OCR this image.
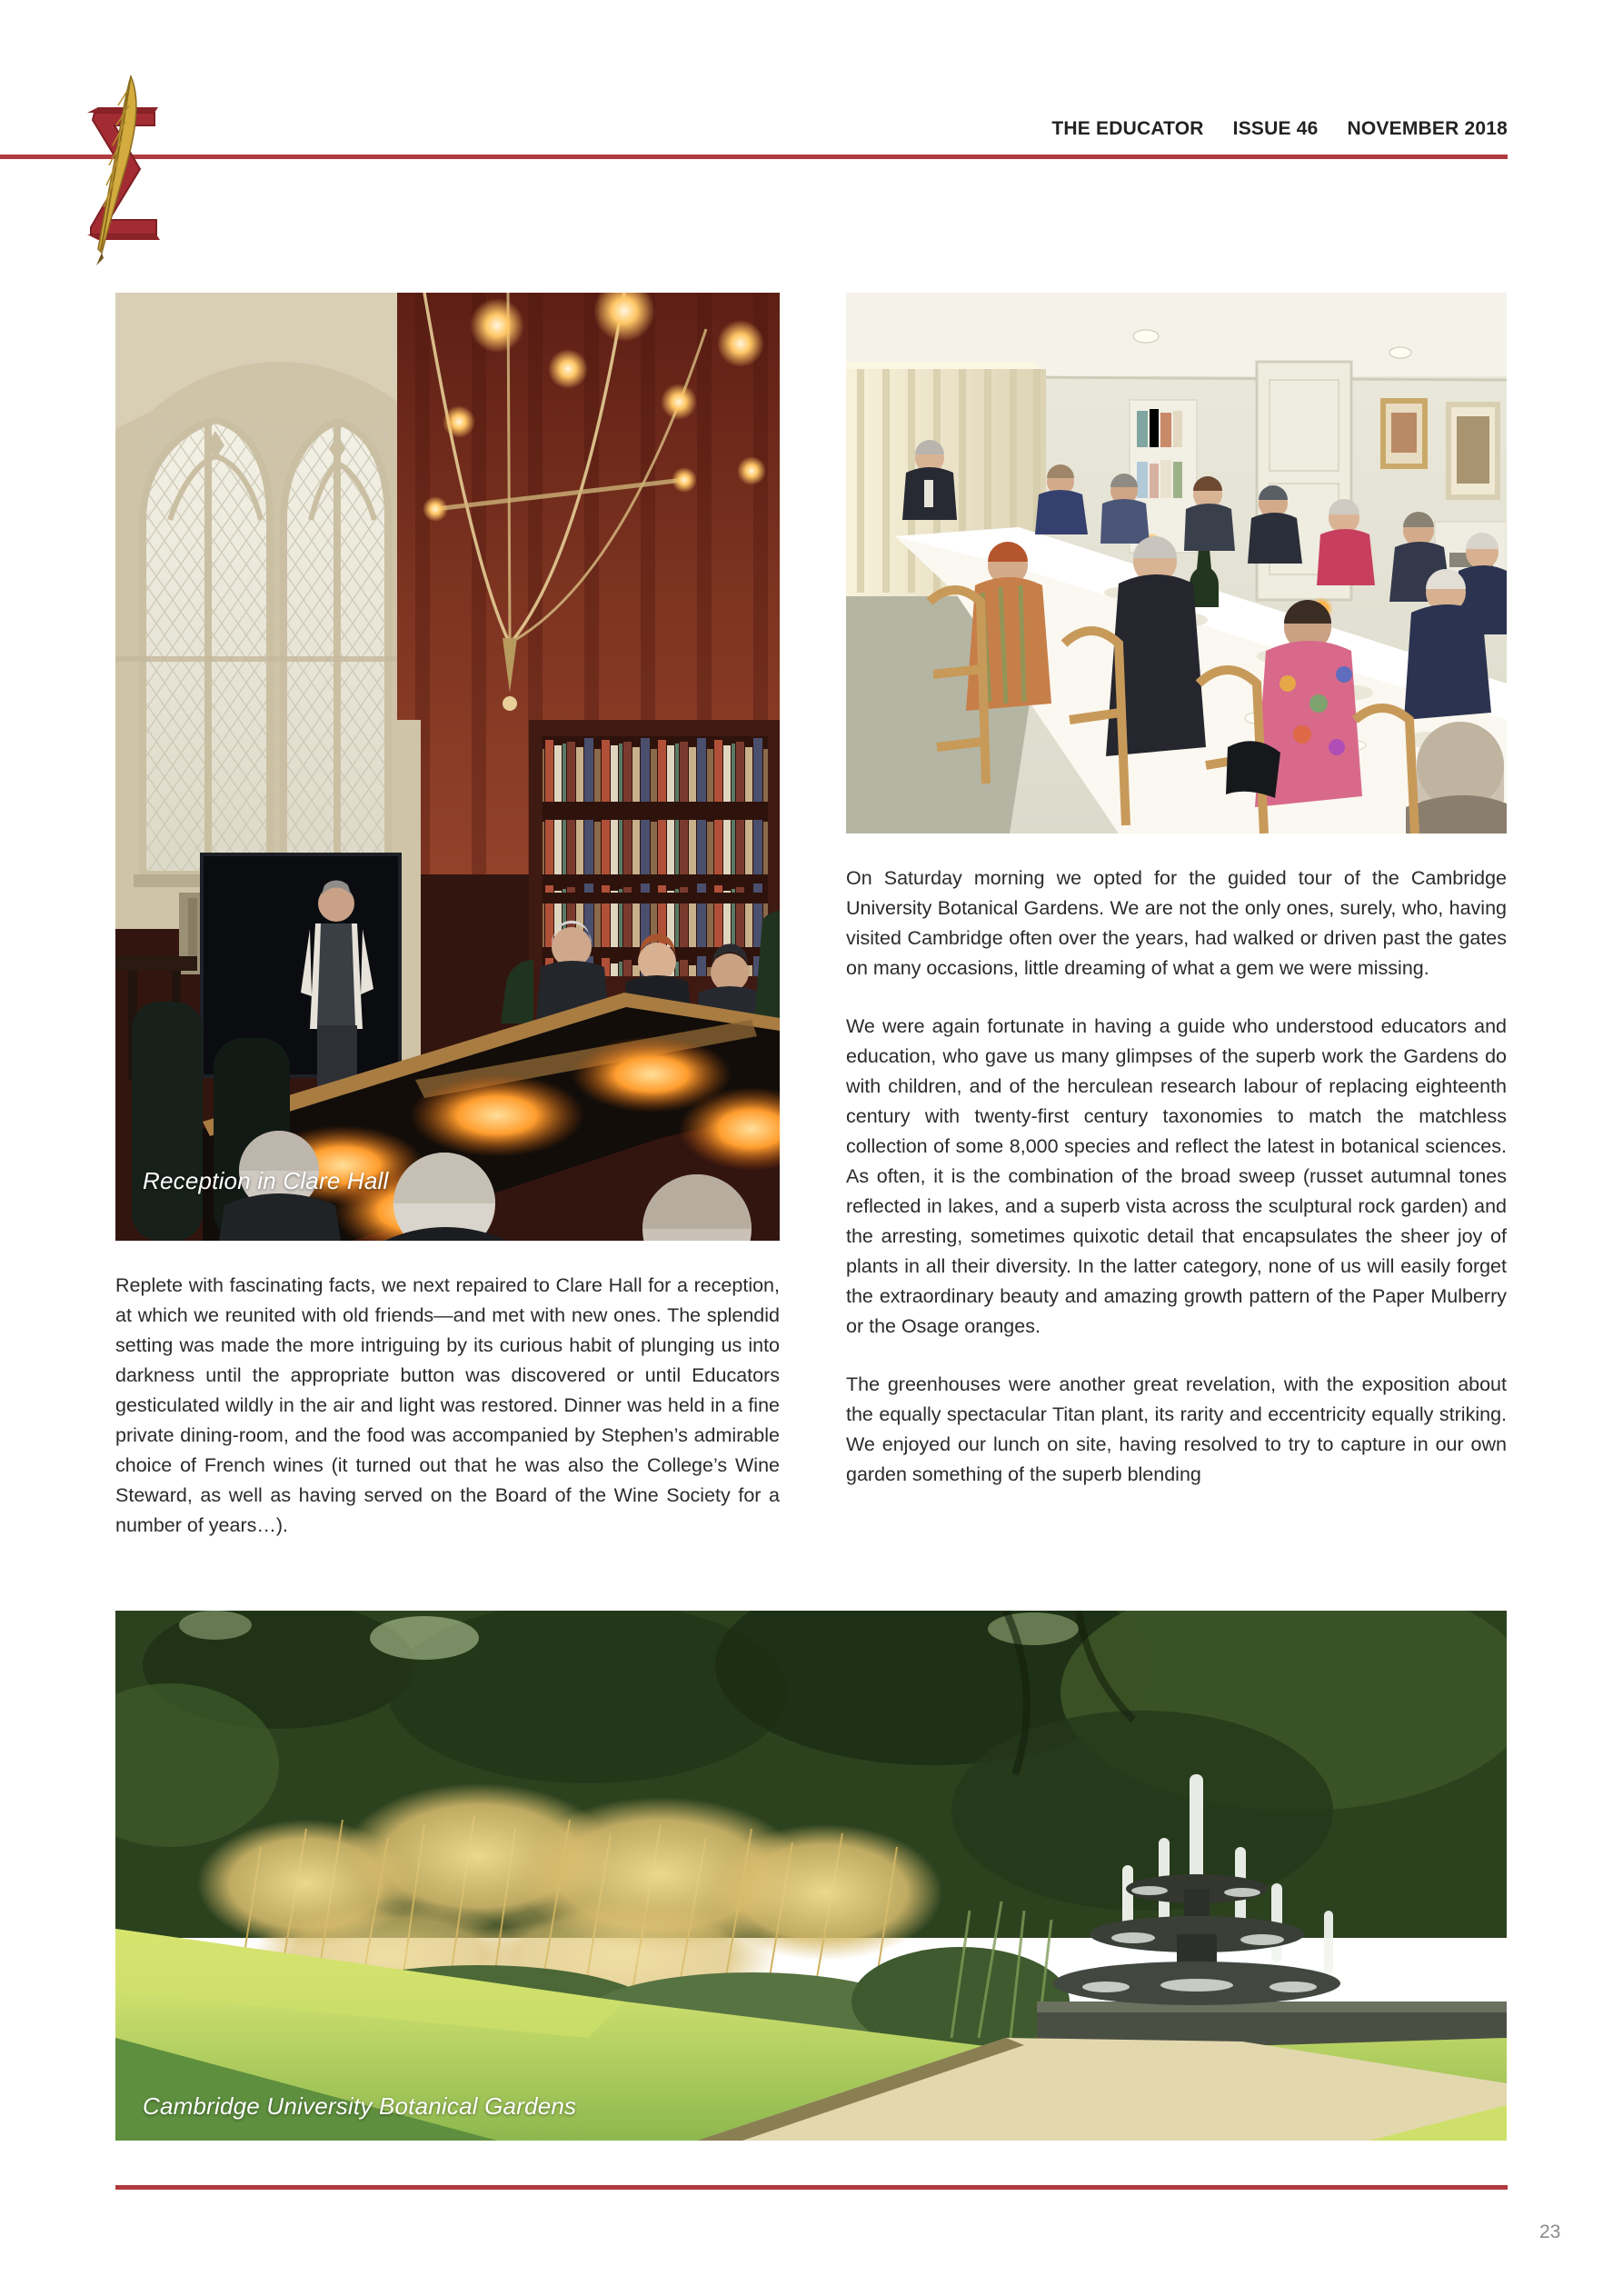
THE EDUCATOR ISSUE 46 NOVEMBER 2018
Reception in Clare Hall
Replete with fascinating facts, we next repaired to Clare Hall for a reception, at which we reunited with old friends—and met with new ones. The splendid setting was made the more intriguing by its curious habit of plunging us into darkness until the appropriate button was discovered or until Educators gesticulated wildly in the air and light was restored. Dinner was held in a fine private dining-room, and the food was accompanied by Stephen’s admirable choice of French wines (it turned out that he was also the College’s Wine Steward, as well as having served on the Board of the Wine Society for a number of years…).

On Saturday morning we opted for the guided tour of the Cambridge University Botanical Gardens. We are not the only ones, surely, who, having visited Cambridge often over the years, had walked or driven past the gates on many occasions, little dreaming of what a gem we were missing.

We were again fortunate in having a guide who understood educators and education, who gave us many glimpses of the superb work the Gardens do with children, and of the herculean research labour of replacing eighteenth century with twenty-first century taxonomies to match the matchless collection of some 8,000 species and reflect the latest in botanical sciences. As often, it is the combination of the broad sweep (russet autumnal tones reflected in lakes, and a superb vista across the sculptural rock garden) and the arresting, sometimes quixotic detail that encapsulates the sheer joy of plants in all their diversity. In the latter category, none of us will easily forget the extraordinary beauty and amazing growth pattern of the Paper Mulberry or the Osage oranges.

The greenhouses were another great revelation, with the exposition about the equally spectacular Titan plant, its rarity and eccentricity equally striking. We enjoyed our lunch on site, having resolved to try to capture in our own garden something of the superb blending

Cambridge University Botanical Gardens
23
